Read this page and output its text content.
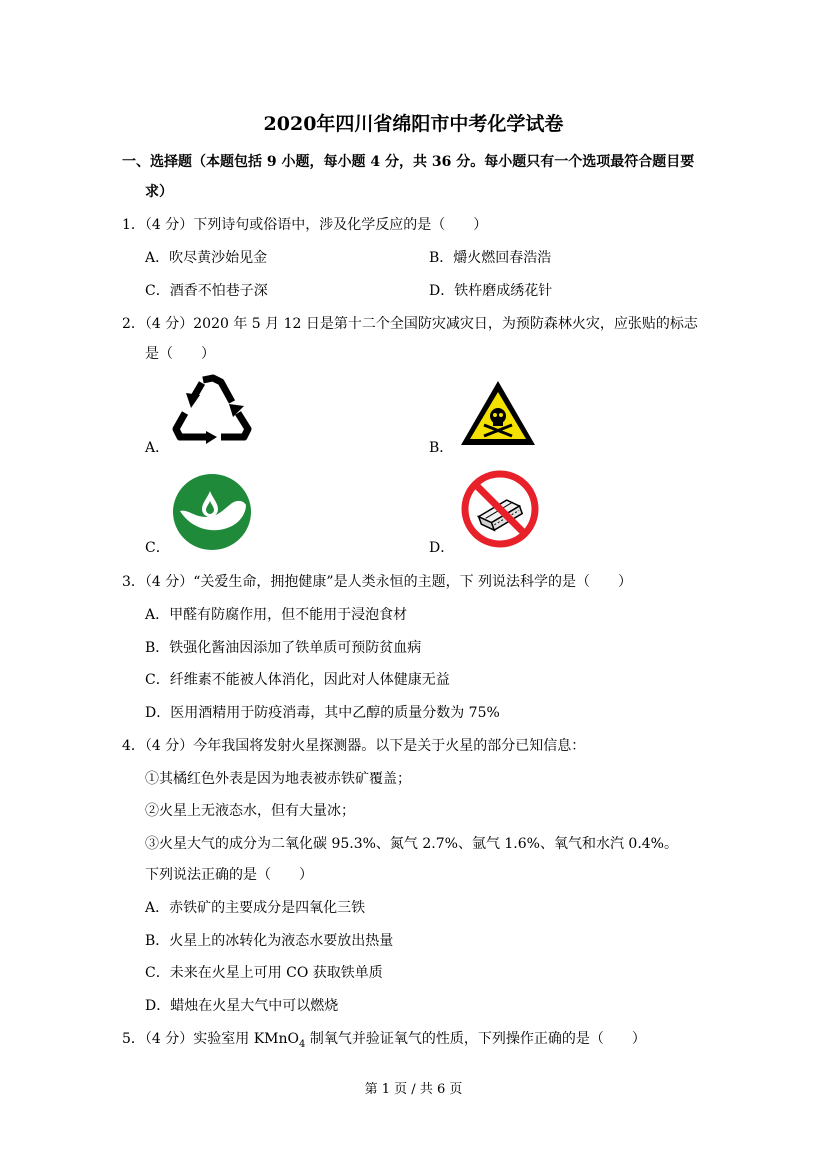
2020年四川省绵阳市中考化学试卷
一、选择题（本题包括 9 小题，每小题 4 分，共 36 分。每小题只有一个选项最符合题目要
求）
1．（4 分）下列诗句或俗语中，涉及化学反应的是（　　）
A．吹尽黄沙始见金	B．爝火燃回春浩浩
C．酒香不怕巷子深	D．铁杵磨成绣花针
2．（4 分）2020 年 5 月 12 日是第十二个全国防灾减灾日，为预防森林火灾，应张贴的标志
是（　　）
A．	B．
C．	D．
3．（4 分）“关爱生命，拥抱健康”是人类永恒的主题，下 列说法科学的是（　　）
A．甲醛有防腐作用，但不能用于浸泡食材
B．铁强化酱油因添加了铁单质可预防贫血病
C．纤维素不能被人体消化，因此对人体健康无益
D．医用酒精用于防疫消毒，其中乙醇的质量分数为 75%
4．（4 分）今年我国将发射火星探测器。以下是关于火星的部分已知信息：
①其橘红色外表是因为地表被赤铁矿覆盖；
②火星上无液态水，但有大量冰；
③火星大气的成分为二氧化碳 95.3%、氮气 2.7%、氩气 1.6%、氧气和水汽 0.4%。
下列说法正确的是（　　）
A．赤铁矿的主要成分是四氧化三铁
B．火星上的冰转化为液态水要放出热量
C．未来在火星上可用 CO 获取铁单质
D．蜡烛在火星大气中可以燃烧
5．（4 分）实验室用 KMnO$_4$ 制氧气并验证氧气的性质，下列操作正确的是（　　）
第 1 页 / 共 6 页
